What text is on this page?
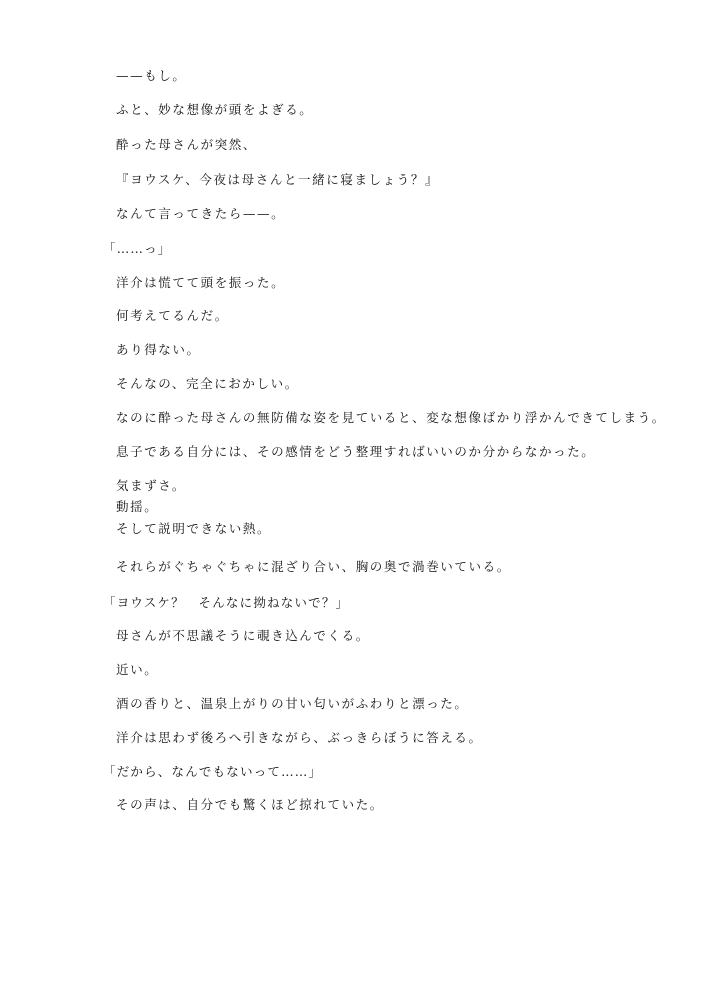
——もし。
ふと、妙な想像が頭をよぎる。
酔った母さんが突然、
『ヨウスケ、今夜は母さんと一緒に寝ましょう？』
なんて言ってきたら——。
「……っ」
洋介は慌てて頭を振った。
何考えてるんだ。
あり得ない。
そんなの、完全におかしい。
なのに酔った母さんの無防備な姿を見ていると、変な想像ばかり浮かんできてしまう。
息子である自分には、その感情をどう整理すればいいのか分からなかった。
気まずさ。
動揺。
そして説明できない熱。
それらがぐちゃぐちゃに混ざり合い、胸の奥で渦巻いている。
「ヨウスケ？　そんなに拗ねないで？」
母さんが不思議そうに覗き込んでくる。
近い。
酒の香りと、温泉上がりの甘い匂いがふわりと漂った。
洋介は思わず後ろへ引きながら、ぶっきらぼうに答える。
「だから、なんでもないって……」
その声は、自分でも驚くほど掠れていた。
